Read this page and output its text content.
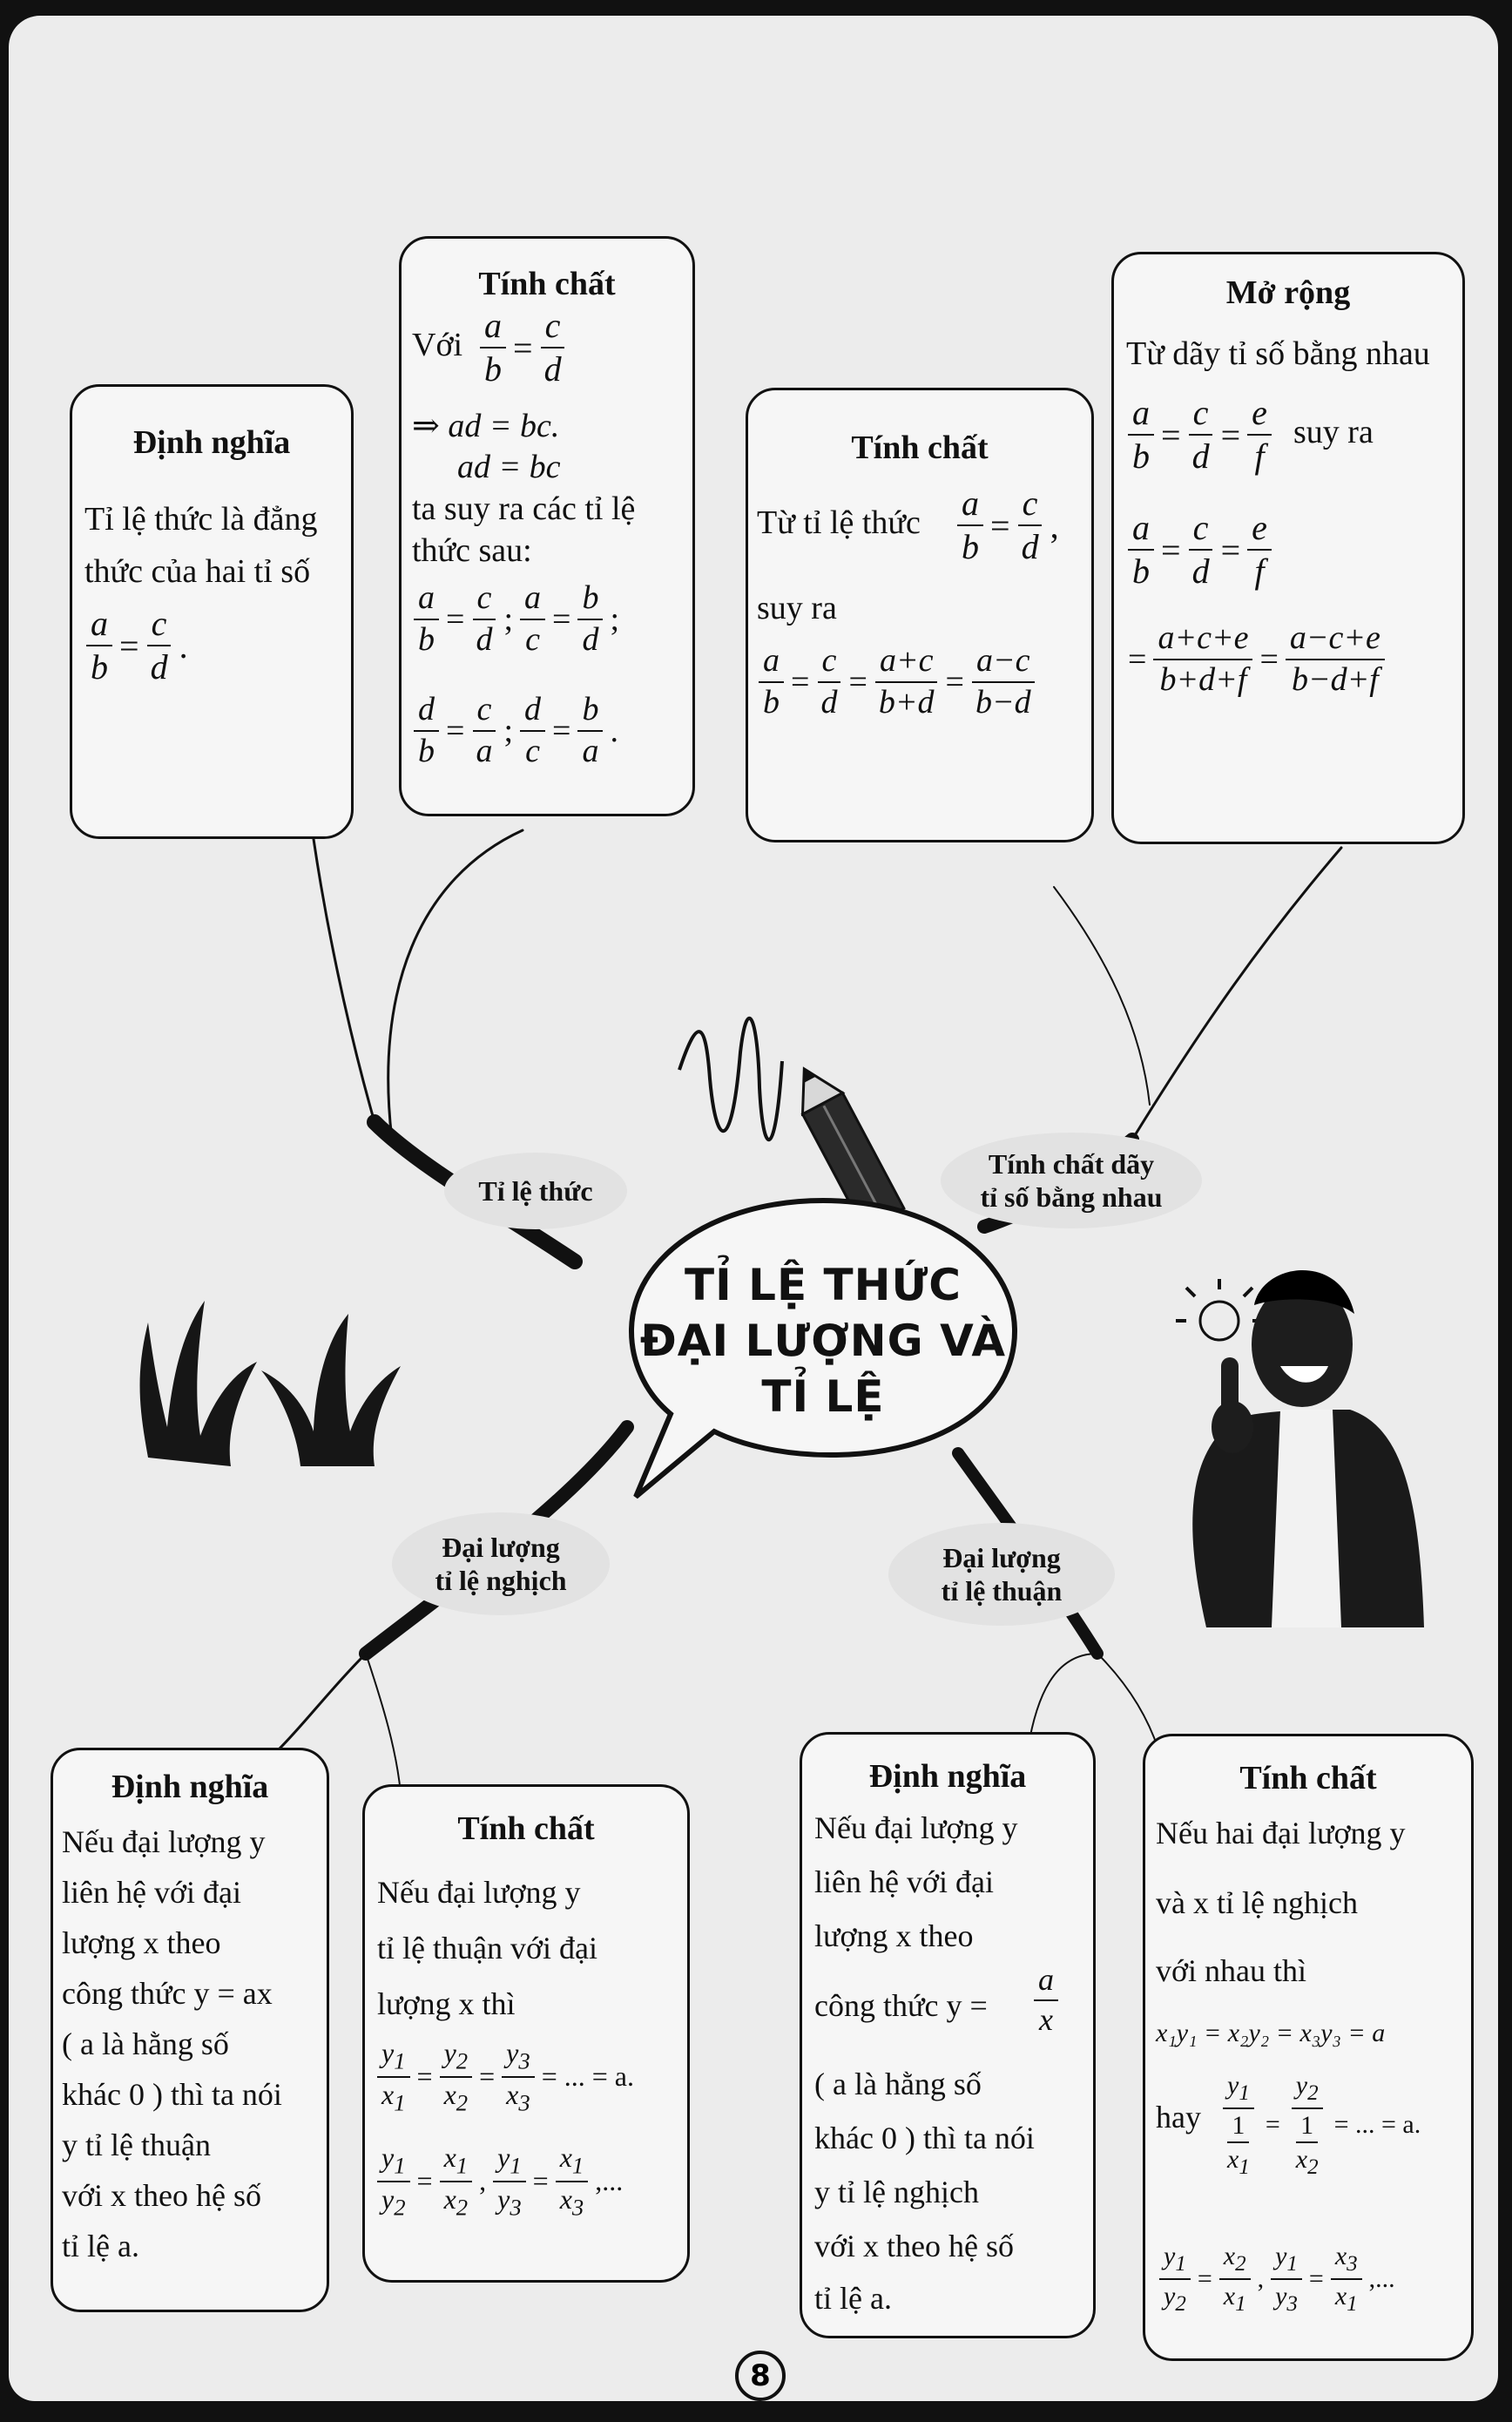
Định nghĩa
Tỉ lệ thức là đẳng
thức của hai tỉ số
$\frac{a}{b} = \frac{c}{d}$ .
Tính chất
Với $\frac{a}{b} = \frac{c}{d}$
⇒ ad = bc.
ad = bc
ta suy ra các tỉ lệ
thức sau:
$\frac{a}{b} = \frac{c}{d}$ ; $\frac{a}{c} = \frac{b}{d}$ ;
$\frac{d}{b} = \frac{c}{a}$ ; $\frac{d}{c} = \frac{b}{a}$ .
Tính chất
Từ tỉ lệ thức $\frac{a}{b} = \frac{c}{d}$ ,
suy ra
$\frac{a}{b} = \frac{c}{d} = \frac{a+c}{b+d} = \frac{a-c}{b-d}$
Mở rộng
Từ dãy tỉ số bằng nhau
$\frac{a}{b} = \frac{c}{d} = \frac{e}{f}$ suy ra
$\frac{a}{b} = \frac{c}{d} = \frac{e}{f}$
= $\frac{a+c+e}{b+d+f} = \frac{a-c+e}{b-d+f}$
Tỉ lệ thức
Tính chất dãy
tỉ số bằng nhau
Đại lượng
tỉ lệ nghịch
Đại lượng
tỉ lệ thuận
TỈ LỆ THỨC
ĐẠI LƯỢNG VÀ
TỈ LỆ
Định nghĩa
Nếu đại lượng y
liên hệ với đại
lượng x theo
công thức y = ax
( a là hằng số
khác 0 ) thì ta nói
y tỉ lệ thuận
với x theo hệ số
tỉ lệ a.
Tính chất
Nếu đại lượng y
tỉ lệ thuận với đại
lượng x thì
$\frac{y_1}{x_1} = \frac{y_2}{x_2} = \frac{y_3}{x_3}$ = ... = a.
$\frac{y_1}{y_2} = \frac{x_1}{x_2}$ , $\frac{y_1}{y_3} = \frac{x_1}{x_3}$ ,...
Định nghĩa
Nếu đại lượng y
liên hệ với đại
lượng x theo
công thức y =
a
x
( a là hằng số
khác 0 ) thì ta nói
y tỉ lệ nghịch
với x theo hệ số
tỉ lệ a.
Tính chất
Nếu hai đại lượng y
và x tỉ lệ nghịch
với nhau thì
x₁y₁ = x₂y₂ = x₃y₃ = a
hay $\frac{y_1}{\frac{1}{x_1}} = \frac{y_2}{\frac{1}{x_2}}$ = ... = a.
$\frac{y_1}{y_2} = \frac{x_2}{x_1}$ , $\frac{y_1}{y_3} = \frac{x_3}{x_1}$ ,...
8
